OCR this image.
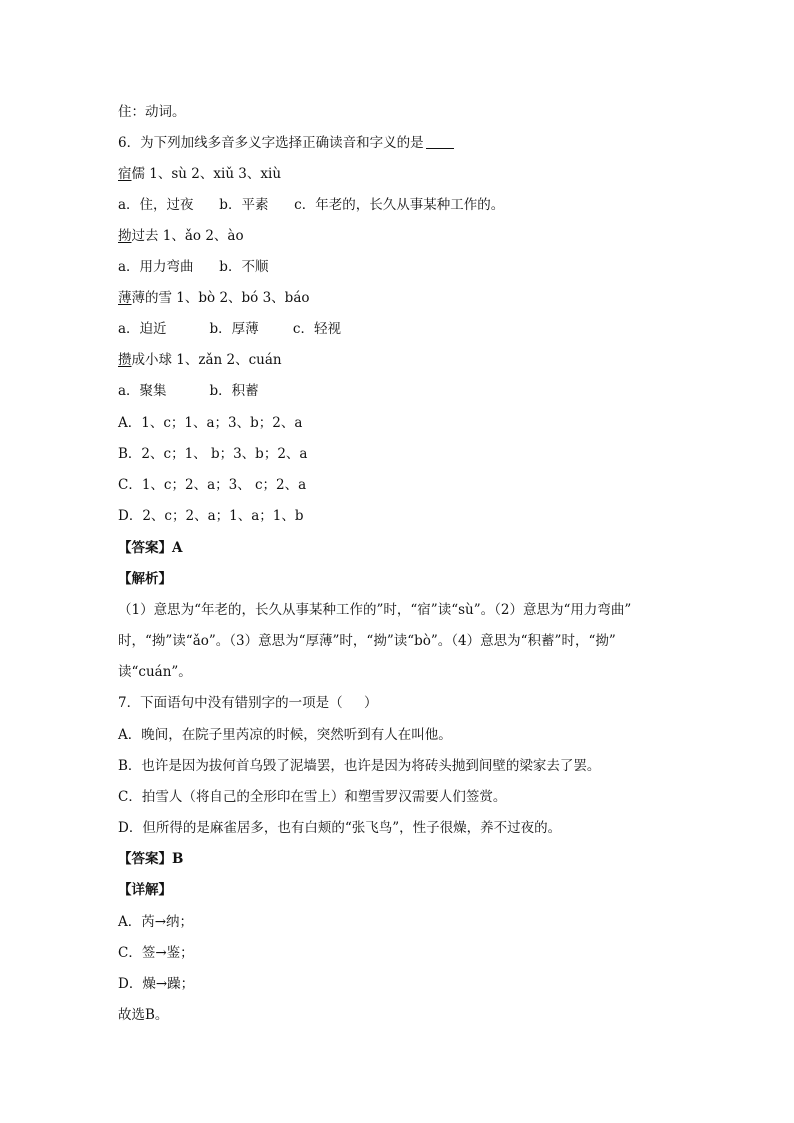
住：动词。
6．为下列加线多音多义字选择正确读音和字义的是
宿儒 1、sù 2、xiǔ 3、xiù
a．住，过夜      b．平素      c．年老的，长久从事某种工作的。
拗过去 1、ǎo 2、ào
a．用力弯曲      b．不顺
薄薄的雪 1、bò 2、bó 3、báo
a．迫近          b．厚薄        c．轻视
攒成小球 1、zǎn 2、cuán
a．聚集          b．积蓄
A．1、c；1、a；3、b；2、a
B．2、c；1、 b；3、b；2、a
C．1、c；2、a；3、 c；2、a
D．2、c；2、a；1、a；1、b
【答案】A
【解析】
（1）意思为“年老的，长久从事某种工作的”时，“宿”读“sù”。（2）意思为“用力弯曲”
时，“拗”读“ǎo”。（3）意思为“厚薄”时，“拗”读“bò”。（4）意思为“积蓄”时，“拗”
读“cuán”。
7．下面语句中没有错别字的一项是（     ）
A．晚间，在院子里芮凉的时候，突然听到有人在叫他。
B．也许是因为拔何首乌毁了泥墙罢，也许是因为将砖头抛到间壁的梁家去了罢。
C．拍雪人（将自己的全形印在雪上）和塑雪罗汉需要人们签赏。
D．但所得的是麻雀居多，也有白颊的“张飞鸟”，性子很燥，养不过夜的。
【答案】B
【详解】
A．芮→纳；
C．签→鉴；
D．燥→躁；
故选B。
